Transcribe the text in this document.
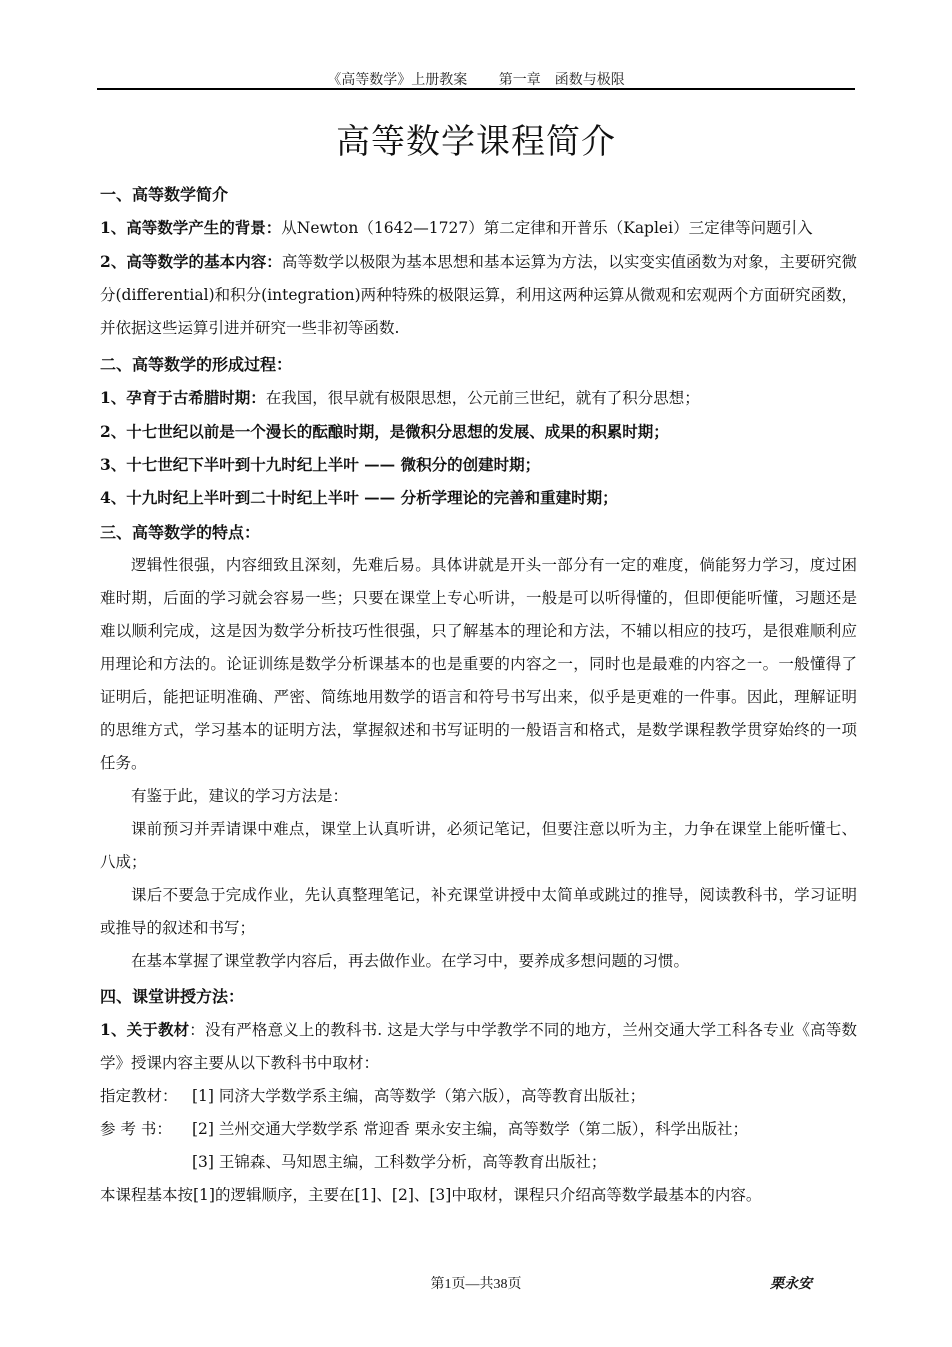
《高等数学》上册教案 第一章　函数与极限
高等数学课程简介
一、高等数学简介

1、高等数学产生的背景：从Newton（1642—1727）第二定律和开普乐（Kaplei）三定律等问题引入

2、高等数学的基本内容：高等数学以极限为基本思想和基本运算为方法，以实变实值函数为对象，主要研究微分(differential)和积分(integration)两种特殊的极限运算，利用这两种运算从微观和宏观两个方面研究函数，并依据这些运算引进并研究一些非初等函数.

二、高等数学的形成过程：

1、孕育于古希腊时期：在我国，很早就有极限思想，公元前三世纪，就有了积分思想；

2、十七世纪以前是一个漫长的酝酿时期，是微积分思想的发展、成果的积累时期；

3、十七世纪下半叶到十九时纪上半叶 —— 微积分的创建时期；

4、十九时纪上半叶到二十时纪上半叶 —— 分析学理论的完善和重建时期；

三、高等数学的特点：

逻辑性很强，内容细致且深刻，先难后易。具体讲就是开头一部分有一定的难度，倘能努力学习，度过困难时期，后面的学习就会容易一些；只要在课堂上专心听讲，一般是可以听得懂的，但即便能听懂，习题还是难以顺利完成，这是因为数学分析技巧性很强，只了解基本的理论和方法，不辅以相应的技巧，是很难顺利应用理论和方法的。论证训练是数学分析课基本的也是重要的内容之一，同时也是最难的内容之一。一般懂得了证明后，能把证明准确、严密、简练地用数学的语言和符号书写出来，似乎是更难的一件事。因此，理解证明的思维方式，学习基本的证明方法，掌握叙述和书写证明的一般语言和格式，是数学课程教学贯穿始终的一项任务。

有鉴于此，建议的学习方法是：

课前预习并弄请课中难点，课堂上认真听讲，必须记笔记，但要注意以听为主，力争在课堂上能听懂七、八成；

课后不要急于完成作业，先认真整理笔记，补充课堂讲授中太简单或跳过的推导，阅读教科书，学习证明或推导的叙述和书写；

在基本掌握了课堂教学内容后，再去做作业。在学习中，要养成多想问题的习惯。

四、课堂讲授方法：

1、关于教材：没有严格意义上的教科书. 这是大学与中学教学不同的地方，兰州交通大学工科各专业《高等数学》授课内容主要从以下教科书中取材：

指定教材： [1] 同济大学数学系主编，高等数学（第六版），高等教育出版社；
参 考 书：	[2] 兰州交通大学数学系 常迎香 栗永安主编，高等数学（第二版），科学出版社；
[3] 王锦森、马知恩主编，工科数学分析，高等教育出版社；

本课程基本按[1]的逻辑顺序，主要在[1]、[2]、[3]中取材，课程只介绍高等数学最基本的内容。

第1页—共38页	栗永安
